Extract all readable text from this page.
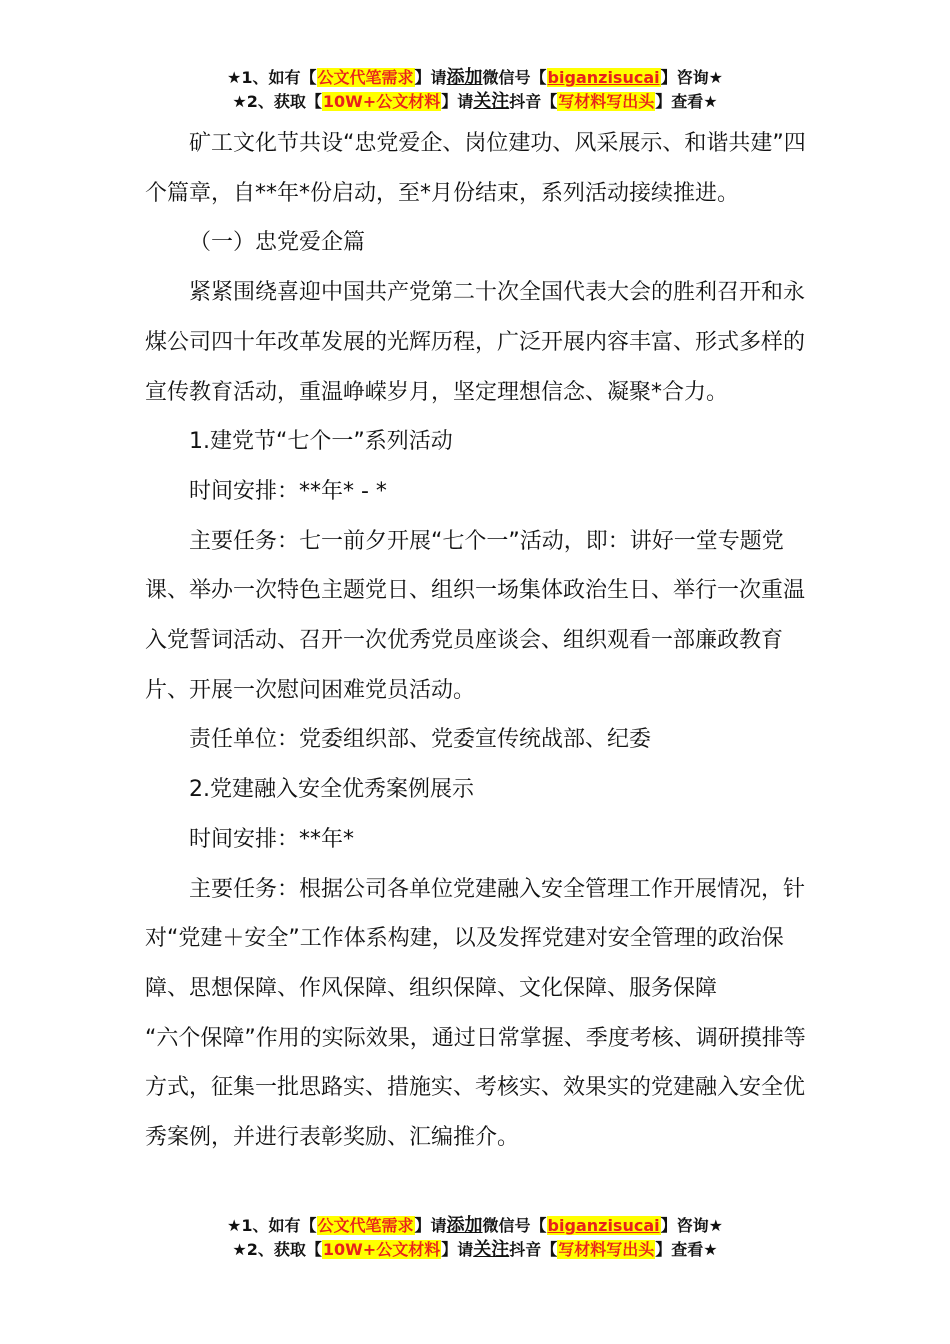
★1、如有【公文代笔需求】请添加微信号【biganzisucai】咨询★
★2、获取【10W+公文材料】请关注抖音【写材料写出头】查看★

矿工文化节共设“忠党爱企、岗位建功、风采展示、和谐共建”四个篇章，自**年*份启动，至*月份结束，系列活动接续推进。

（一）忠党爱企篇

紧紧围绕喜迎中国共产党第二十次全国代表大会的胜利召开和永煤公司四十年改革发展的光辉历程，广泛开展内容丰富、形式多样的宣传教育活动，重温峥嵘岁月，坚定理想信念、凝聚*合力。

1.建党节“七个一”系列活动

时间安排：**年* - *

主要任务：七一前夕开展“七个一”活动，即：讲好一堂专题党课、举办一次特色主题党日、组织一场集体政治生日、举行一次重温入党誓词活动、召开一次优秀党员座谈会、组织观看一部廉政教育片、开展一次慰问困难党员活动。

责任单位：党委组织部、党委宣传统战部、纪委

2.党建融入安全优秀案例展示

时间安排：**年*

主要任务：根据公司各单位党建融入安全管理工作开展情况，针对“党建＋安全”工作体系构建，以及发挥党建对安全管理的政治保障、思想保障、作风保障、组织保障、文化保障、服务保障

“六个保障”作用的实际效果，通过日常掌握、季度考核、调研摸排等方式，征集一批思路实、措施实、考核实、效果实的党建融入安全优秀案例，并进行表彰奖励、汇编推介。

★1、如有【公文代笔需求】请添加微信号【biganzisucai】咨询★
★2、获取【10W+公文材料】请关注抖音【写材料写出头】查看★
